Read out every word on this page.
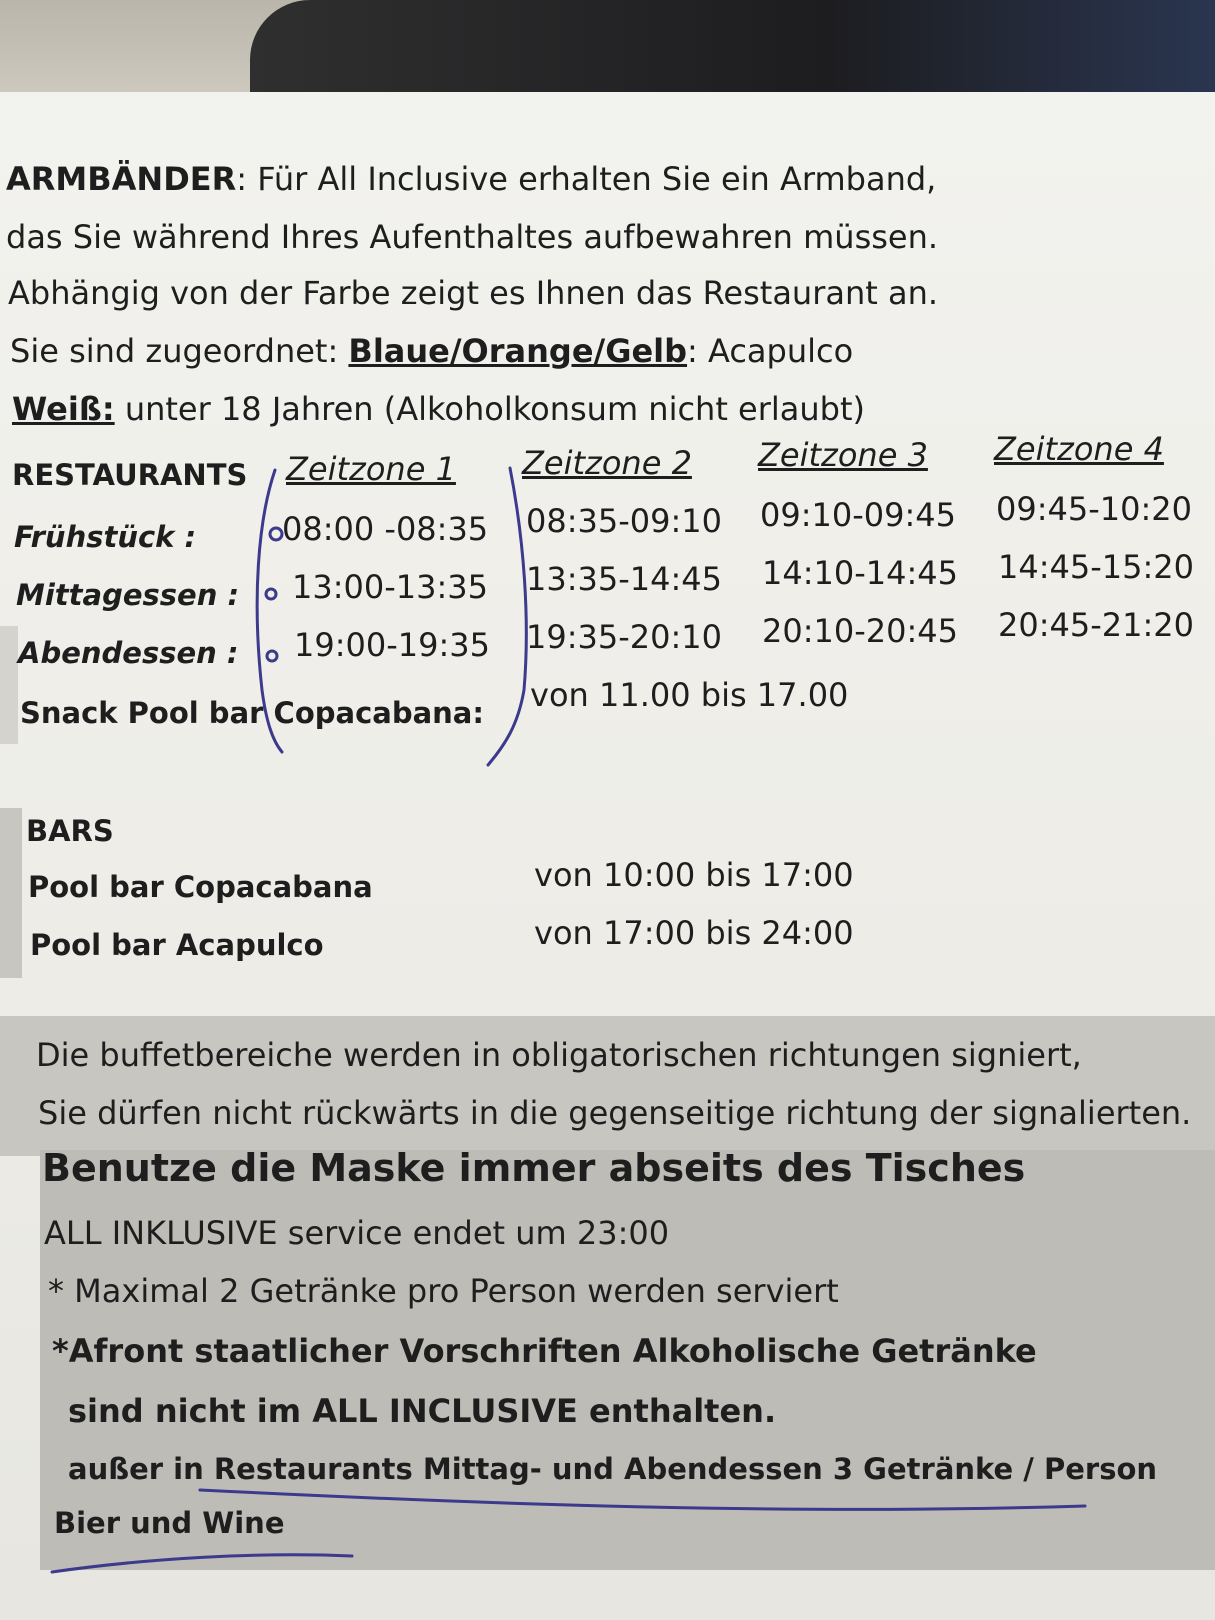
ARMBÄNDER: Für All Inclusive erhalten Sie ein Armband,
das Sie während Ihres Aufenthaltes aufbewahren müssen.
Abhängig von der Farbe zeigt es Ihnen das Restaurant an.
Sie sind zugeordnet: Blaue/Orange/Gelb: Acapulco
Weiß: unter 18 Jahren (Alkoholkonsum nicht erlaubt)
RESTAURANTS Zeitzone 1 Zeitzone 2 Zeitzone 3 Zeitzone 4
Frühstück :	08:00 -08:35 08:35-09:10 09:10-09:45 09:45-10:20
Mittagessen : 13:00-13:35 13:35-14:45 14:10-14:45 14:45-15:20
Abendessen : 19:00-19:35 19:35-20:10 20:10-20:45 20:45-21:20
Snack Pool bar Copacabana: von 11.00 bis 17.00
BARS
Pool bar Copacabana	von 10:00 bis 17:00
Pool bar Acapulco	von 17:00 bis 24:00
Die buffetbereiche werden in obligatorischen richtungen signiert,
Sie dürfen nicht rückwärts in die gegenseitige richtung der signalierten.
Benutze die Maske immer abseits des Tisches
ALL INKLUSIVE service endet um 23:00
* Maximal 2 Getränke pro Person werden serviert
*Afront staatlicher Vorschriften Alkoholische Getränke
sind nicht im ALL INCLUSIVE enthalten.
außer in Restaurants Mittag- und Abendessen 3 Getränke / Person
Bier und Wine
